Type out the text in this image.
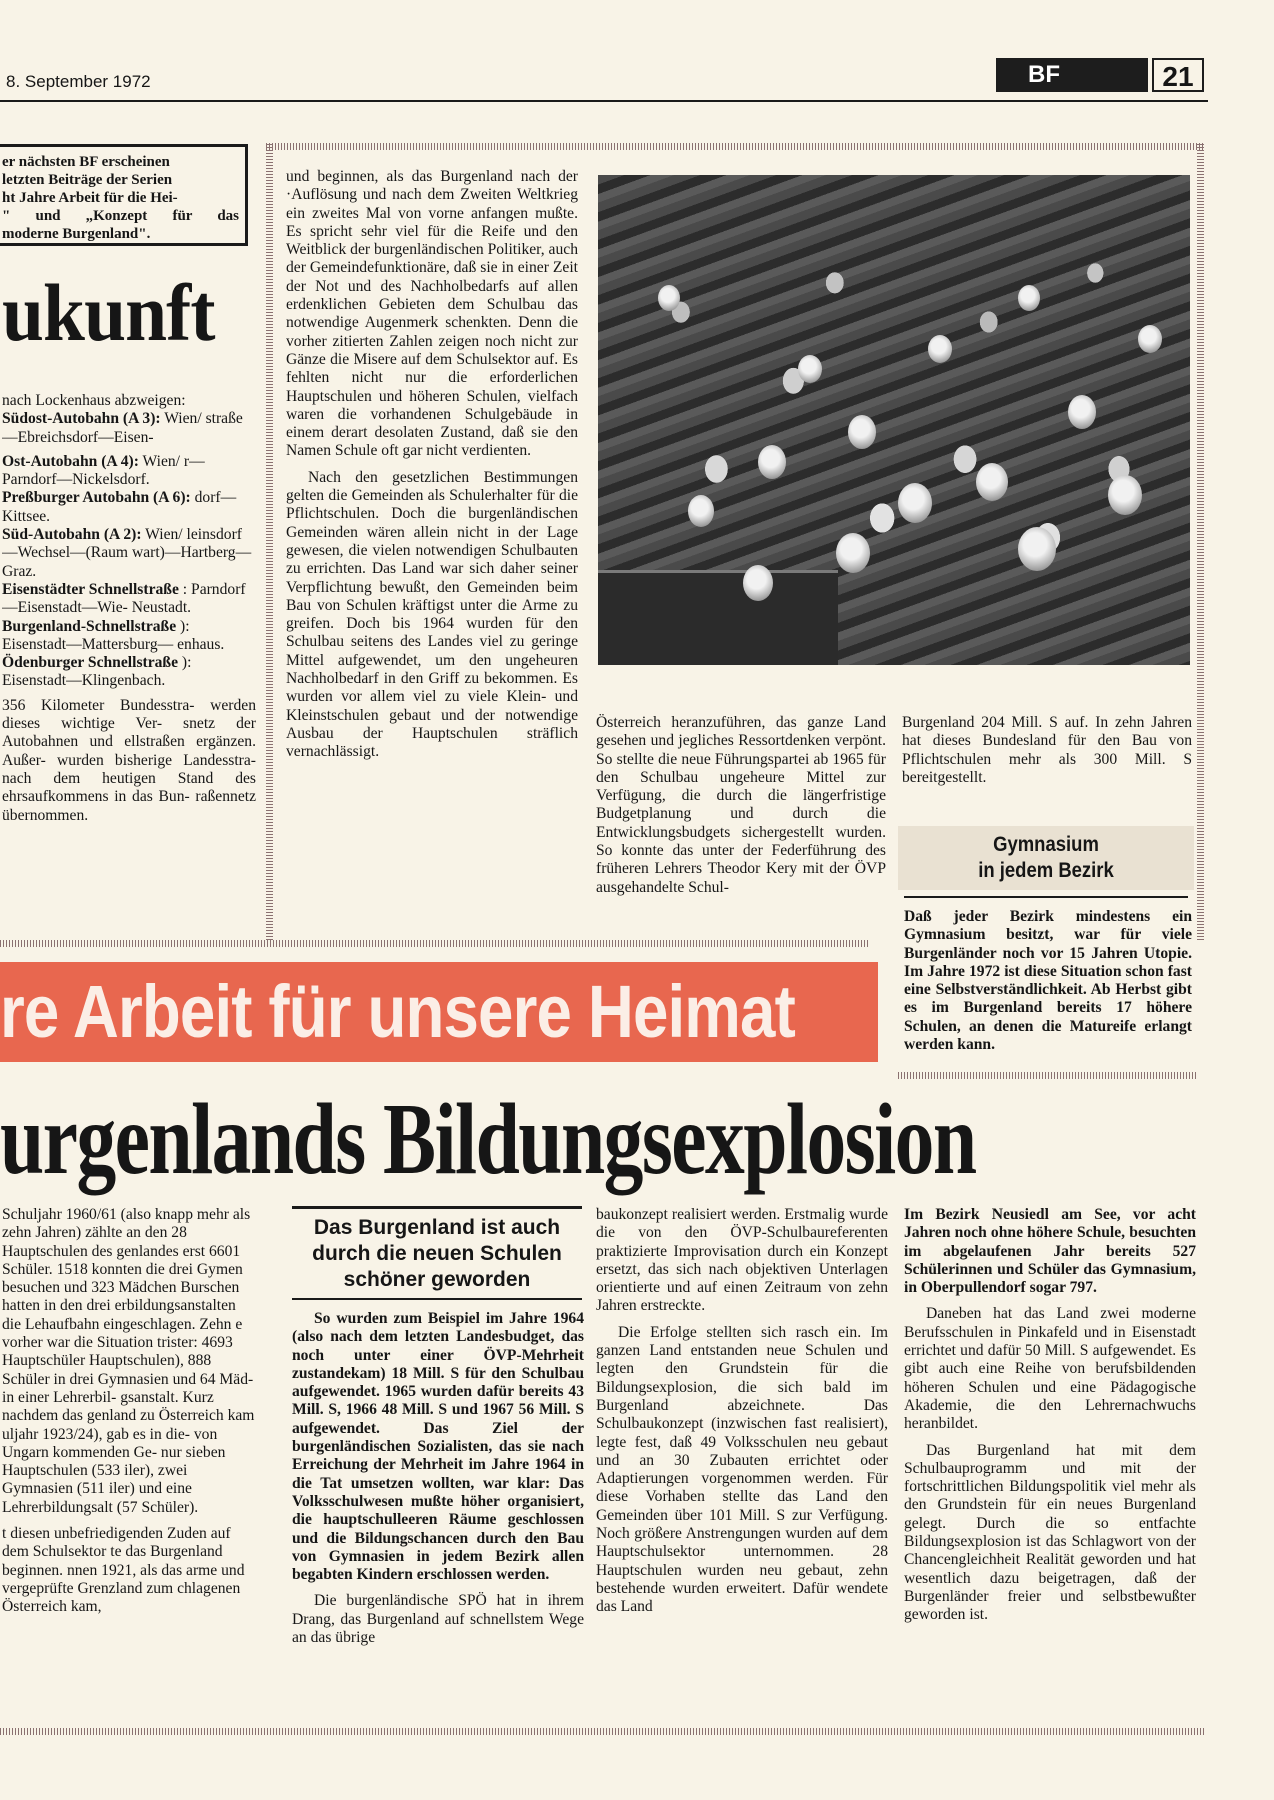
8. September 1972	BF	21
er nächsten BF erscheinen
letzten Beiträge der Serien
ht Jahre Arbeit für die Hei-
" und „Konzept für das
moderne Burgenland".
ukunft
nach Lockenhaus abzweigen:
Südost-Autobahn (A 3): Wien/ straße—Ebreichsdorf—Eisen-
Ost-Autobahn (A 4): Wien/ r—Parndorf—Nickelsdorf.
Preßburger Autobahn (A 6): dorf—Kittsee.
Süd-Autobahn (A 2): Wien/ leinsdorf—Wechsel—(Raum wart)—Hartberg—Graz.
Eisenstädter Schnellstraße : Parndorf—Eisenstadt—Wie- Neustadt.
Burgenland-Schnellstraße ): Eisenstadt—Mattersburg— enhaus.
Ödenburger Schnellstraße ): Eisenstadt—Klingenbach.
356 Kilometer Bundesstra- werden dieses wichtige Ver- snetz der Autobahnen und ellstraßen ergänzen. Außer- wurden bisherige Landesstra- nach dem heutigen Stand des ehrsaufkommens in das Bun- raßennetz übernommen.

und beginnen, als das Burgenland nach der ·Auflösung und nach dem Zweiten Weltkrieg ein zweites Mal von vorne anfangen mußte. Es spricht sehr viel für die Reife und den Weitblick der burgenländischen Politiker, auch der Gemeindefunktionäre, daß sie in einer Zeit der Not und des Nachholbedarfs auf allen erdenklichen Gebieten dem Schulbau das notwendige Augenmerk schenkten. Denn die vorher zitierten Zahlen zeigen noch nicht zur Gänze die Misere auf dem Schulsektor auf. Es fehlten nicht nur die erforderlichen Hauptschulen und höheren Schulen, vielfach waren die vorhandenen Schulgebäude in einem derart desolaten Zustand, daß sie den Namen Schule oft gar nicht verdienten.

Nach den gesetzlichen Bestimmungen gelten die Gemeinden als Schulerhalter für die Pflichtschulen. Doch die burgenländischen Gemeinden wären allein nicht in der Lage gewesen, die vielen notwendigen Schulbauten zu errichten. Das Land war sich daher seiner Verpflichtung bewußt, den Gemeinden beim Bau von Schulen kräftigst unter die Arme zu greifen. Doch bis 1964 wurden für den Schulbau seitens des Landes viel zu geringe Mittel aufgewendet, um den ungeheuren Nachholbedarf in den Griff zu bekommen. Es wurden vor allem viel zu viele Klein- und Kleinstschulen gebaut und der notwendige Ausbau der Hauptschulen sträflich vernachlässigt.

Österreich heranzuführen, das ganze Land gesehen und jegliches Ressortdenken verpönt. So stellte die neue Führungspartei ab 1965 für den Schulbau ungeheure Mittel zur Verfügung, die durch die längerfristige Budgetplanung und durch die Entwicklungsbudgets sichergestellt wurden. So konnte das unter der Federführung des früheren Lehrers Theodor Kery mit der ÖVP ausgehandelte Schul-

Burgenland 204 Mill. S auf. In zehn Jahren hat dieses Bundesland für den Bau von Pflichtschulen mehr als 300 Mill. S bereitgestellt.

Gymnasium
in jedem Bezirk
Daß jeder Bezirk mindestens ein Gymnasium besitzt, war für viele Burgenländer noch vor 15 Jahren Utopie. Im Jahre 1972 ist diese Situation schon fast eine Selbstverständlichkeit. Ab Herbst gibt es im Burgenland bereits 17 höhere Schulen, an denen die Matureife erlangt werden kann.
re Arbeit für unsere Heimat
urgenlands Bildungsexplosion

Schuljahr 1960/61 (also knapp mehr als zehn Jahren) zählte an den 28 Hauptschulen des genlandes erst 6601 Schüler. 1518 konnten die drei Gymen besuchen und 323 Mädchen Burschen hatten in den drei erbildungsanstalten die Lehaufbahn eingeschlagen. Zehn e vorher war die Situation trister: 4693 Hauptschüler Hauptschulen), 888 Schüler in drei Gymnasien und 64 Mäd- in einer Lehrerbil- gsanstalt. Kurz nachdem das genland zu Österreich kam uljahr 1923/24), gab es in die- von Ungarn kommenden Ge- nur sieben Hauptschulen (533 iler), zwei Gymnasien (511 iler) und eine Lehrerbildungsalt (57 Schüler).

t diesen unbefriedigenden Zuden auf dem Schulsektor te das Burgenland beginnen. nnen 1921, als das arme und vergeprüfte Grenzland zum chlagenen Österreich kam,

Das Burgenland ist auch
durch die neuen Schulen
schöner geworden

So wurden zum Beispiel im Jahre 1964 (also nach dem letzten Landesbudget, das noch unter einer ÖVP-Mehrheit zustandekam) 18 Mill. S für den Schulbau aufgewendet. 1965 wurden dafür bereits 43 Mill. S, 1966 48 Mill. S und 1967 56 Mill. S aufgewendet. Das Ziel der burgenländischen Sozialisten, das sie nach Erreichung der Mehrheit im Jahre 1964 in die Tat umsetzen wollten, war klar: Das Volksschulwesen mußte höher organisiert, die hauptschulleeren Räume geschlossen und die Bildungschancen durch den Bau von Gymnasien in jedem Bezirk allen begabten Kindern erschlossen werden.

Die burgenländische SPÖ hat in ihrem Drang, das Burgenland auf schnellstem Wege an das übrige

baukonzept realisiert werden. Erstmalig wurde die von den ÖVP-Schulbaureferenten praktizierte Improvisation durch ein Konzept ersetzt, das sich nach objektiven Unterlagen orientierte und auf einen Zeitraum von zehn Jahren erstreckte.

Die Erfolge stellten sich rasch ein. Im ganzen Land entstanden neue Schulen und legten den Grundstein für die Bildungsexplosion, die sich bald im Burgenland abzeichnete. Das Schulbaukonzept (inzwischen fast realisiert), legte fest, daß 49 Volksschulen neu gebaut und an 30 Zubauten errichtet oder Adaptierungen vorgenommen werden. Für diese Vorhaben stellte das Land den Gemeinden über 101 Mill. S zur Verfügung. Noch größere Anstrengungen wurden auf dem Hauptschulsektor unternommen. 28 Hauptschulen wurden neu gebaut, zehn bestehende wurden erweitert. Dafür wendete das Land

Im Bezirk Neusiedl am See, vor acht Jahren noch ohne höhere Schule, besuchten im abgelaufenen Jahr bereits 527 Schülerinnen und Schüler das Gymnasium, in Oberpullendorf sogar 797.

Daneben hat das Land zwei moderne Berufsschulen in Pinkafeld und in Eisenstadt errichtet und dafür 50 Mill. S aufgewendet. Es gibt auch eine Reihe von berufsbildenden höheren Schulen und eine Pädagogische Akademie, die den Lehrernachwuchs heranbildet.

Das Burgenland hat mit dem Schulbauprogramm und mit der fortschrittlichen Bildungspolitik viel mehr als den Grundstein für ein neues Burgenland gelegt. Durch die so entfachte Bildungsexplosion ist das Schlagwort von der Chancengleichheit Realität geworden und hat wesentlich dazu beigetragen, daß der Burgenländer freier und selbstbewußter geworden ist.
